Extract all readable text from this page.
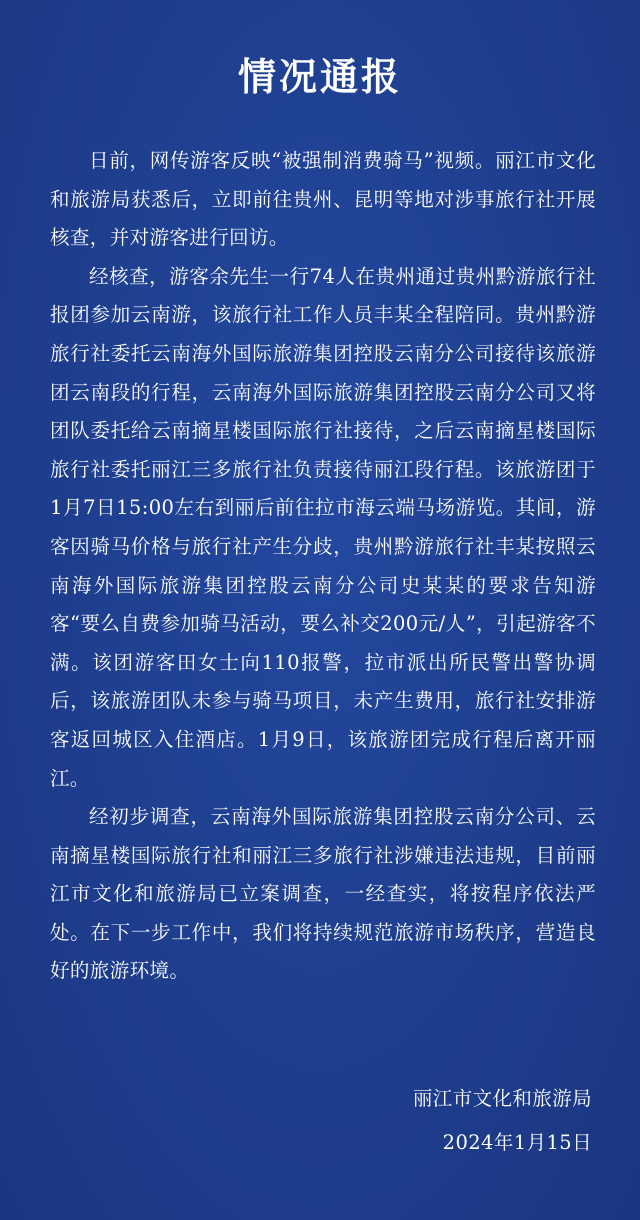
情况通报

日前，网传游客反映“被强制消费骑马”视频。丽江市文化和旅游局获悉后，立即前往贵州、昆明等地对涉事旅行社开展核查，并对游客进行回访。

经核查，游客余先生一行74人在贵州通过贵州黔游旅行社报团参加云南游，该旅行社工作人员丰某全程陪同。贵州黔游旅行社委托云南海外国际旅游集团控股云南分公司接待该旅游团云南段的行程，云南海外国际旅游集团控股云南分公司又将团队委托给云南摘星楼国际旅行社接待，之后云南摘星楼国际旅行社委托丽江三多旅行社负责接待丽江段行程。该旅游团于1月7日15:00左右到丽后前往拉市海云端马场游览。其间，游客因骑马价格与旅行社产生分歧，贵州黔游旅行社丰某按照云南海外国际旅游集团控股云南分公司史某某的要求告知游客“要么自费参加骑马活动，要么补交200元/人”，引起游客不满。该团游客田女士向110报警，拉市派出所民警出警协调后，该旅游团队未参与骑马项目，未产生费用，旅行社安排游客返回城区入住酒店。1月9日，该旅游团完成行程后离开丽江。

经初步调查，云南海外国际旅游集团控股云南分公司、云南摘星楼国际旅行社和丽江三多旅行社涉嫌违法违规，目前丽江市文化和旅游局已立案调查，一经查实，将按程序依法严处。在下一步工作中，我们将持续规范旅游市场秩序，营造良好的旅游环境。

丽江市文化和旅游局
2024年1月15日
